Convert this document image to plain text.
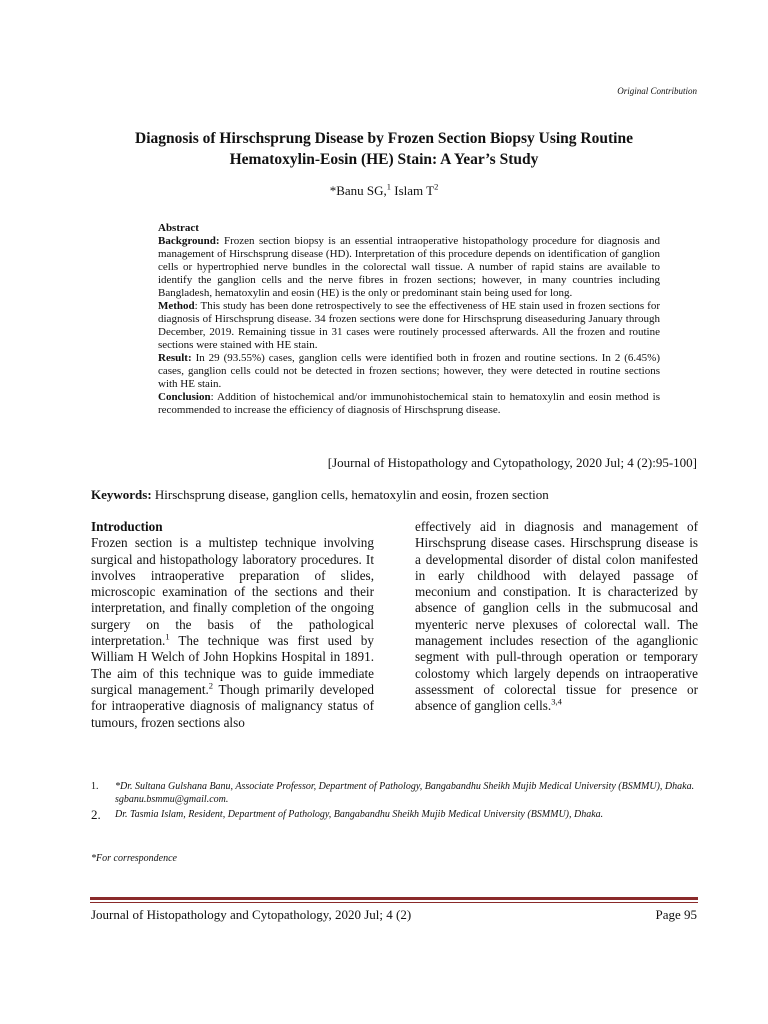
Original Contribution
Diagnosis of Hirschsprung Disease by Frozen Section Biopsy Using Routine
Hematoxylin-Eosin (HE) Stain: A Year’s Study
*Banu SG,$^1$ Islam $T^2$

Abstract

Background: Frozen section biopsy is an essential intraoperative histopathology procedure for diagnosis and management of Hirschsprung disease (HD). Interpretation of this procedure depends on identification of ganglion cells or hypertrophied nerve bundles in the colorectal wall tissue. A number of rapid stains are available to identify the ganglion cells and the nerve fibres in frozen sections; however, in many countries including Bangladesh, hematoxylin and eosin (HE) is the only or predominant stain being used for long.

Method: This study has been done retrospectively to see the effectiveness of HE stain used in frozen sections for diagnosis of Hirschsprung disease. 34 frozen sections were done for Hirschsprung diseaseduring January through December, 2019. Remaining tissue in 31 cases were routinely processed afterwards. All the frozen and routine sections were stained with HE stain.

Result: In 29 (93.55%) cases, ganglion cells were identified both in frozen and routine sections. In 2 (6.45%) cases, ganglion cells could not be detected in frozen sections; however, they were detected in routine sections with HE stain.

Conclusion: Addition of histochemical and/or immunohistochemical stain to hematoxylin and eosin method is recommended to increase the efficiency of diagnosis of Hirschsprung disease.

[Journal of Histopathology and Cytopathology, 2020 Jul; 4 (2):95-100]
Keywords: Hirschsprung disease, ganglion cells, hematoxylin and eosin, frozen section

Introduction

Frozen section is a multistep technique involving surgical and histopathology laboratory procedures. It involves intraoperative preparation of slides, microscopic examination of the sections and their interpretation, and finally completion of the ongoing surgery on the basis of the pathological interpretation.$^1$ The technique was first used by William H Welch of John Hopkins Hospital in 1891. The aim of this technique was to guide immediate surgical management.$^2$ Though primarily developed for intraoperative diagnosis of malignancy status of tumours, frozen sections also

effectively aid in diagnosis and management of Hirschsprung disease cases. Hirschsprung disease is a developmental disorder of distal colon manifested in early childhood with delayed passage of meconium and constipation. It is characterized by absence of ganglion cells in the submucosal and myenteric nerve plexuses of colorectal wall. The management includes resection of the aganglionic segment with pull-through operation or temporary colostomy which largely depends on intraoperative assessment of colorectal tissue for presence or absence of ganglion cells.$^{3,4}$

1.	*Dr. Sultana Gulshana Banu, Associate Professor, Department of Pathology, Bangabandhu Sheikh Mujib Medical University (BSMMU), Dhaka. sgbanu.bsmmu@gmail.com.
2.	Dr. Tasmia Islam, Resident, Department of Pathology, Bangabandhu Sheikh Mujib Medical University (BSMMU), Dhaka.
*For correspondence
Journal of Histopathology and Cytopathology, 2020 Jul; 4 (2)	Page 95
